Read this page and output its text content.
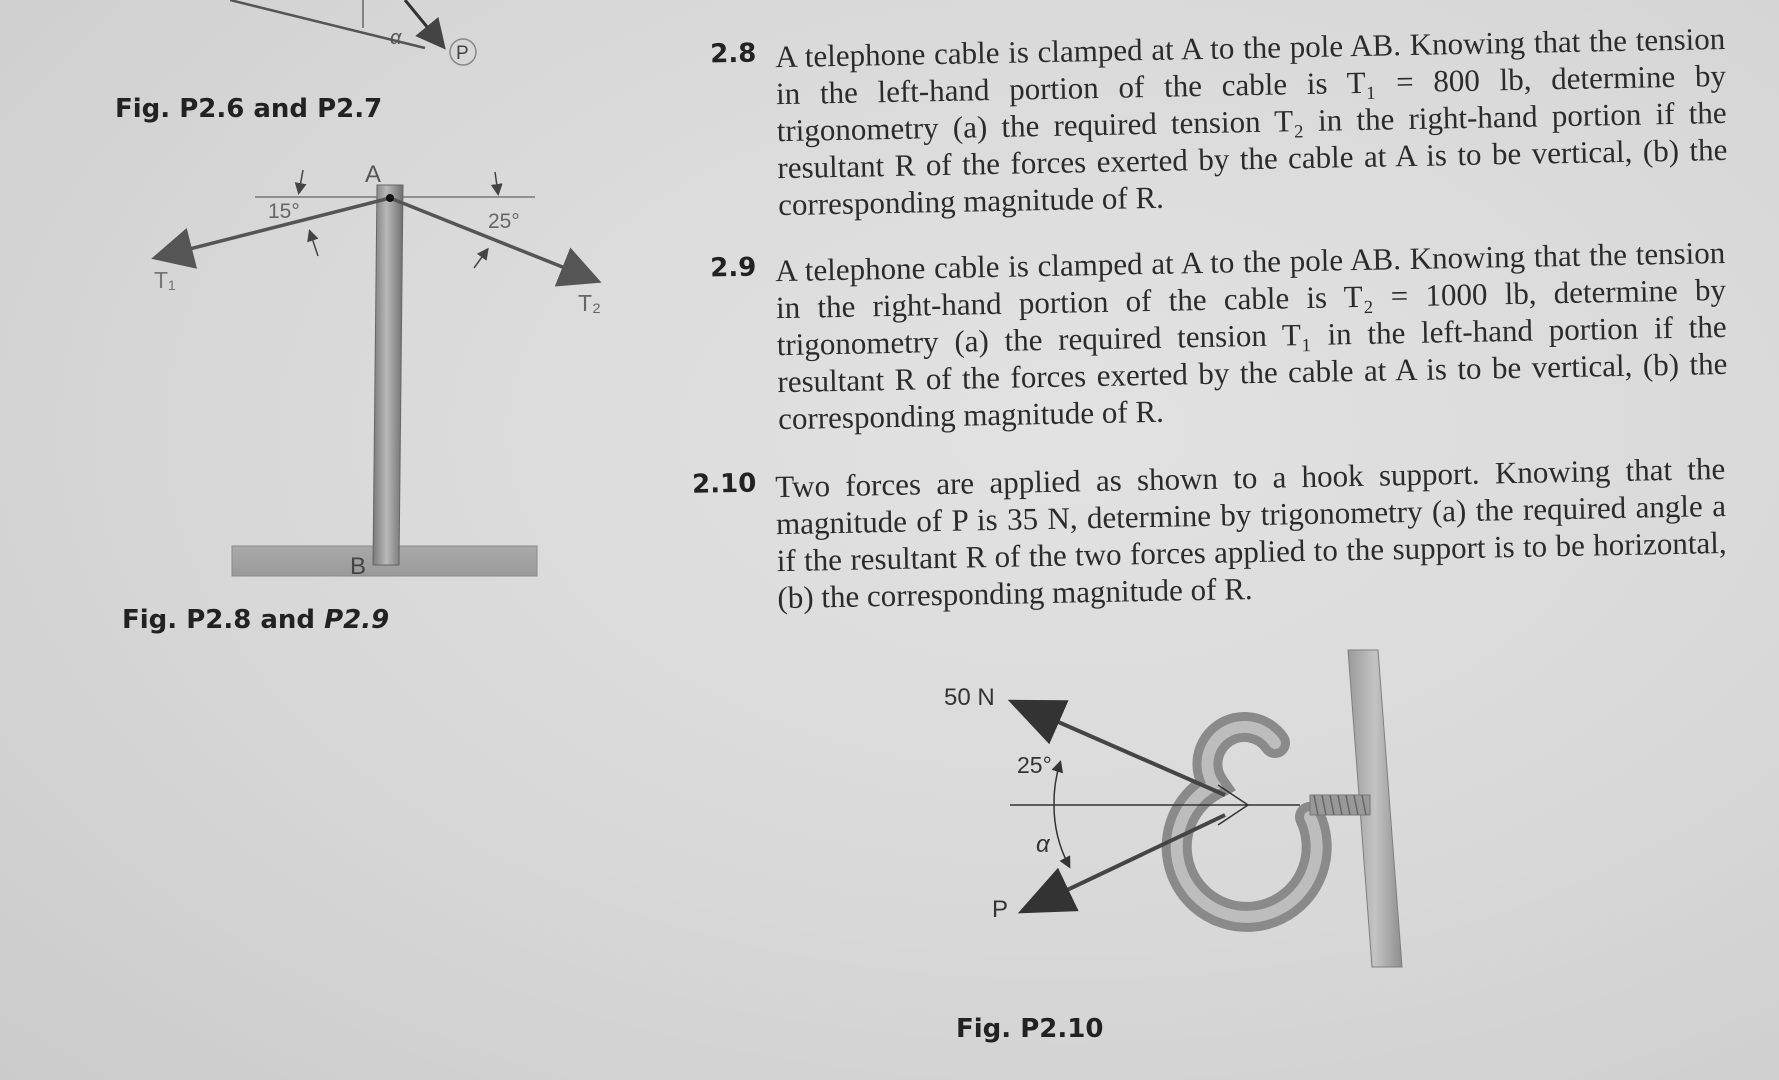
α
P
Fig. P2.6 and P2.7
A
B
15°	25°
T₁
T₂
Fig. P2.8 and P2.9
2.8 A telephone cable is clamped at A to the pole AB. Knowing that the tension in the left-hand portion of the cable is T₁ = 800 lb, determine by trigonometry (a) the required tension T₂ in the right-hand portion if the resultant R of the forces exerted by the cable at A is to be vertical, (b) the corresponding magnitude of R.
2.9 A telephone cable is clamped at A to the pole AB. Knowing that the tension in the right-hand portion of the cable is T₂ = 1000 lb, determine by trigonometry (a) the required tension T₁ in the left-hand portion if the resultant R of the forces exerted by the cable at A is to be vertical, (b) the corresponding magnitude of R.
2.10 Two forces are applied as shown to a hook support. Knowing that the magnitude of P is 35 N, determine by trigonometry (a) the required angle a if the resultant R of the two forces applied to the support is to be horizontal, (b) the corresponding magnitude of R.
50 N
25°
α
P
Fig. P2.10
